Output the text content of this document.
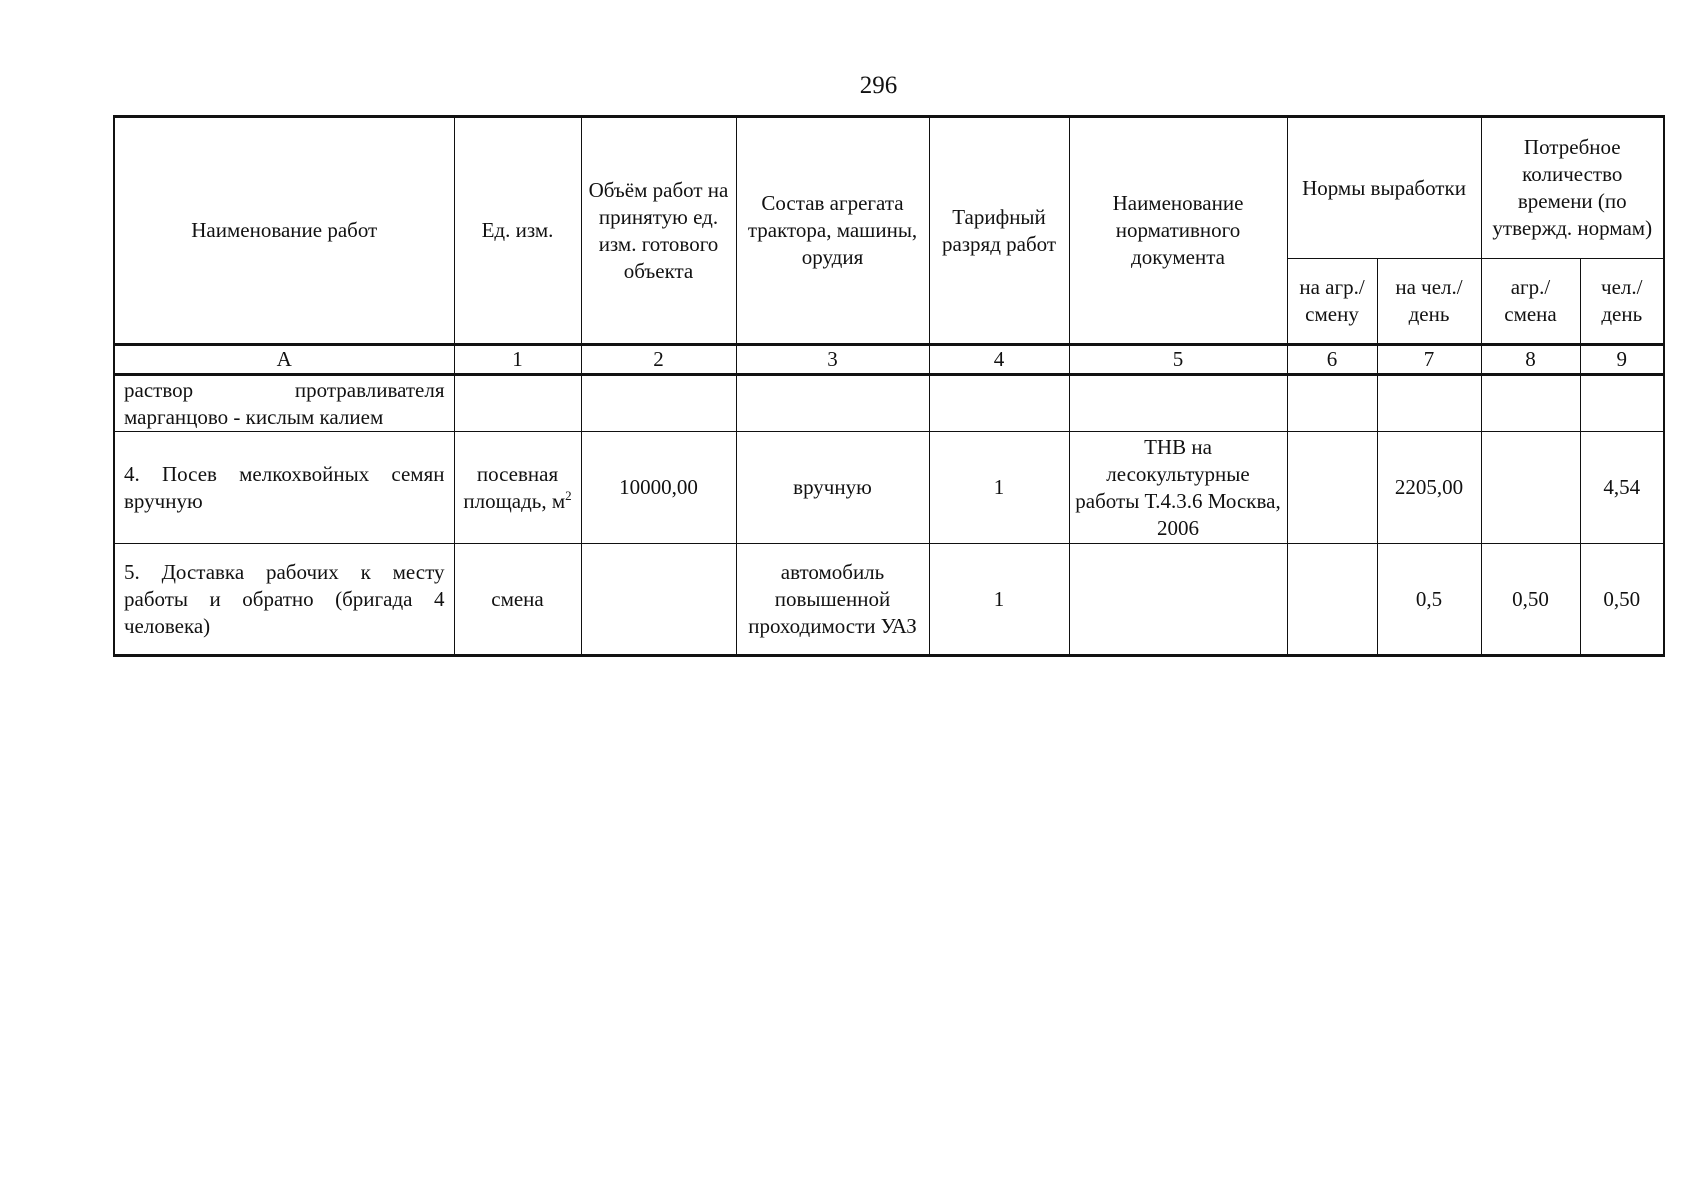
296
Наименование работ	Ед. изм.	Объём работ на принятую ед. изм. готового объекта	Состав агрегата трактора, машины, орудия	Тарифный разряд работ	Наименование нормативного документа	Нормы выработки		Потребное количество времени (по утвержд. нормам)	
						на агр./ смену	на чел./ день	агр./ смена	чел./ день
А	1	2	3	4	5	6	7	8	9

раствор протравливателя
марганцово - кислым калием									

4. Посев мелкохвойных семян вручную	посевная площадь, $м^2$	10000,00	вручную	1	ТНВ на лесокультурные работы Т.4.3.6 Москва, 2006		2205,00		4,54
5. Доставка рабочих к месту работы и обратно (бригада 4 человека)	смена		автомобиль повышенной проходимости УАЗ	1			0,5	0,50	0,50
